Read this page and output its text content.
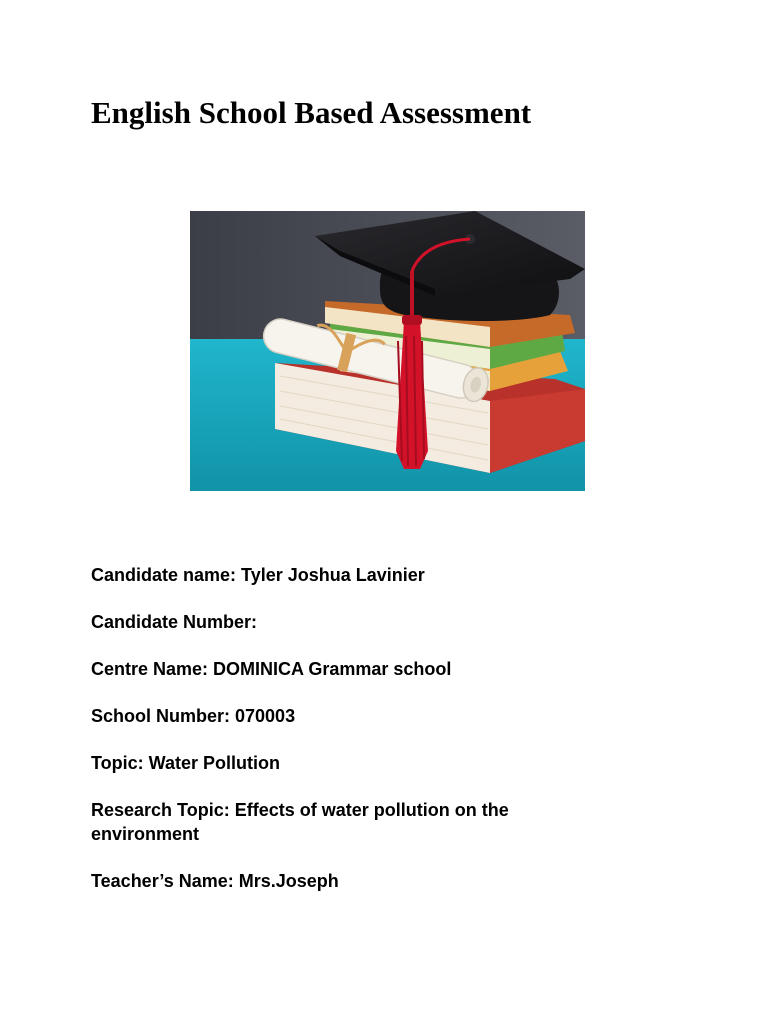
English School Based Assessment

Candidate name: Tyler Joshua Lavinier

Candidate Number:

Centre Name: DOMINICA Grammar school

School Number: 070003

Topic: Water Pollution

Research Topic: Effects of water pollution on the environment

Teacher’s Name: Mrs.Joseph
